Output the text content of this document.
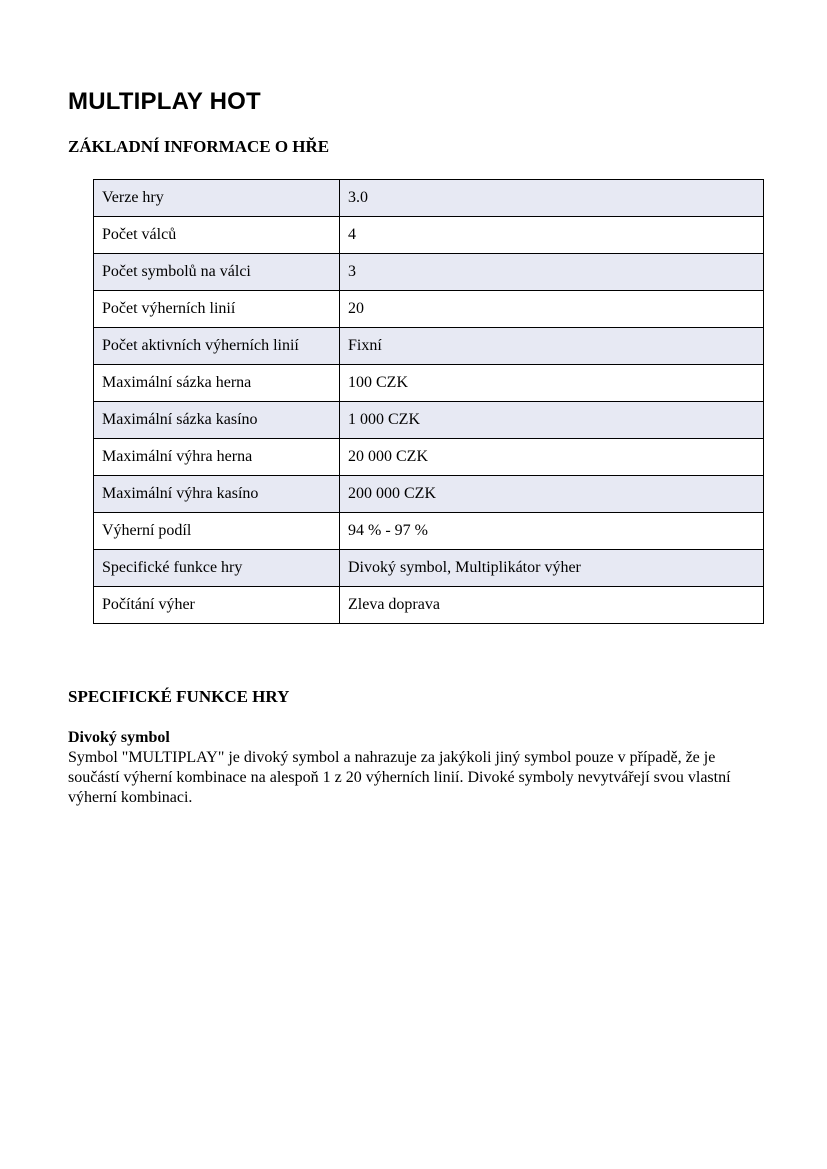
MULTIPLAY HOT
ZÁKLADNÍ INFORMACE O HŘE
Verze hry	3.0
Počet válců	4
Počet symbolů na válci	3
Počet výherních linií	20
Počet aktivních výherních linií	Fixní
Maximální sázka herna	100 CZK
Maximální sázka kasíno	1 000 CZK
Maximální výhra herna	20 000 CZK
Maximální výhra kasíno	200 000 CZK
Výherní podíl	94 % - 97 %
Specifické funkce hry	Divoký symbol, Multiplikátor výher
Počítání výher	Zleva doprava
SPECIFICKÉ FUNKCE HRY

Divoký symbol

Symbol "MULTIPLAY" je divoký symbol a nahrazuje za jakýkoli jiný symbol pouze v případě, že je součástí výherní kombinace na alespoň 1 z 20 výherních linií. Divoké symboly nevytvářejí svou vlastní výherní kombinaci.
